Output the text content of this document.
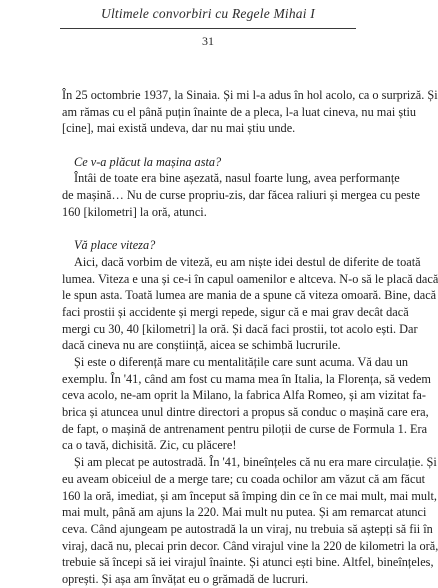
Ultimele convorbiri cu Regele Mihai I
31
În 25 octombrie 1937, la Sinaia. Și mi l-a adus în hol acolo, ca o surpriză. Și
am rămas cu el până puțin înainte de a pleca, l-a luat cineva, nu mai știu
[cine], mai există undeva, dar nu mai știu unde.
Ce v-a plăcut la mașina asta?
Întâi de toate era bine așezată, nasul foarte lung, avea performanțe
de mașină… Nu de curse propriu-zis, dar făcea raliuri și mergea cu peste
160 [kilometri] la oră, atunci.
Vă place viteza?
Aici, dacă vorbim de viteză, eu am niște idei destul de diferite de toată
lumea. Viteza e una și ce-i în capul oamenilor e altceva. N-o să le placă dacă
le spun asta. Toată lumea are mania de a spune că viteza omoară. Bine, dacă
faci prostii și accidente și mergi repede, sigur că e mai grav decât dacă
mergi cu 30, 40 [kilometri] la oră. Și dacă faci prostii, tot acolo ești. Dar
dacă cineva nu are conștiință, aicea se schimbă lucrurile.
Și este o diferență mare cu mentalitățile care sunt acuma. Vă dau un
exemplu. În '41, când am fost cu mama mea în Italia, la Florența, să vedem
ceva acolo, ne-am oprit la Milano, la fabrica Alfa Romeo, și am vizitat fa-
brica și atuncea unul dintre directori a propus să conduc o mașină care era,
de fapt, o mașină de antrenament pentru piloții de curse de Formula 1. Era
ca o tavă, dichisită. Zic, cu plăcere!
Și am plecat pe autostradă. În '41, bineînțeles că nu era mare circulație. Și
eu aveam obiceiul de a merge tare; cu coada ochilor am văzut că am făcut
160 la oră, imediat, și am început să împing din ce în ce mai mult, mai mult,
mai mult, până am ajuns la 220. Mai mult nu putea. Și am remarcat atunci
ceva. Când ajungeam pe autostradă la un viraj, nu trebuia să aștepți să fii în
viraj, dacă nu, plecai prin decor. Când virajul vine la 220 de kilometri la oră,
trebuie să începi să iei virajul înainte. Și atunci ești bine. Altfel, bineînțeles,
oprești. Și așa am învățat eu o grămadă de lucruri.
